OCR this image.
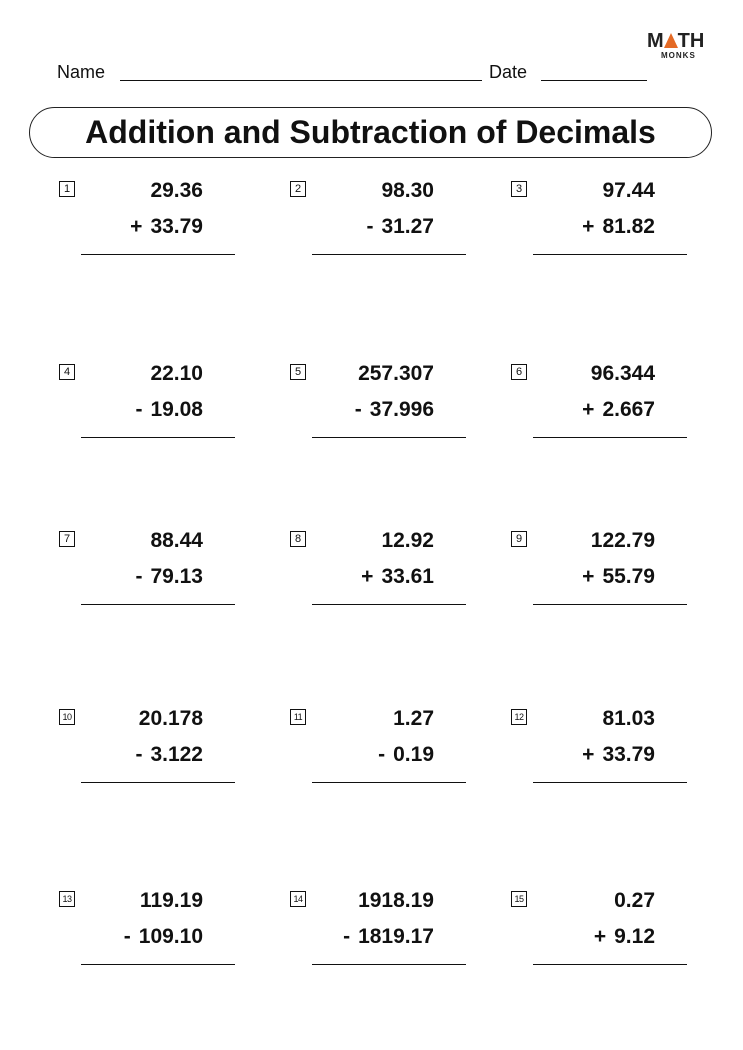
M TH
MONKS
Name	Date
Addition and Subtraction of Decimals
1	29.36
+ 33.79
2	98.30
- 31.27
3	97.44
+ 81.82
4	22.10
- 19.08
5	257.307
- 37.996
6	96.344
+ 2.667
7	88.44
- 79.13
8	12.92
+ 33.61
9	122.79
+ 55.79
10	20.178
- 3.122
11	1.27
- 0.19
12	81.03
+ 33.79
13	119.19
- 109.10
14	1918.19
- 1819.17
15	0.27
+ 9.12
